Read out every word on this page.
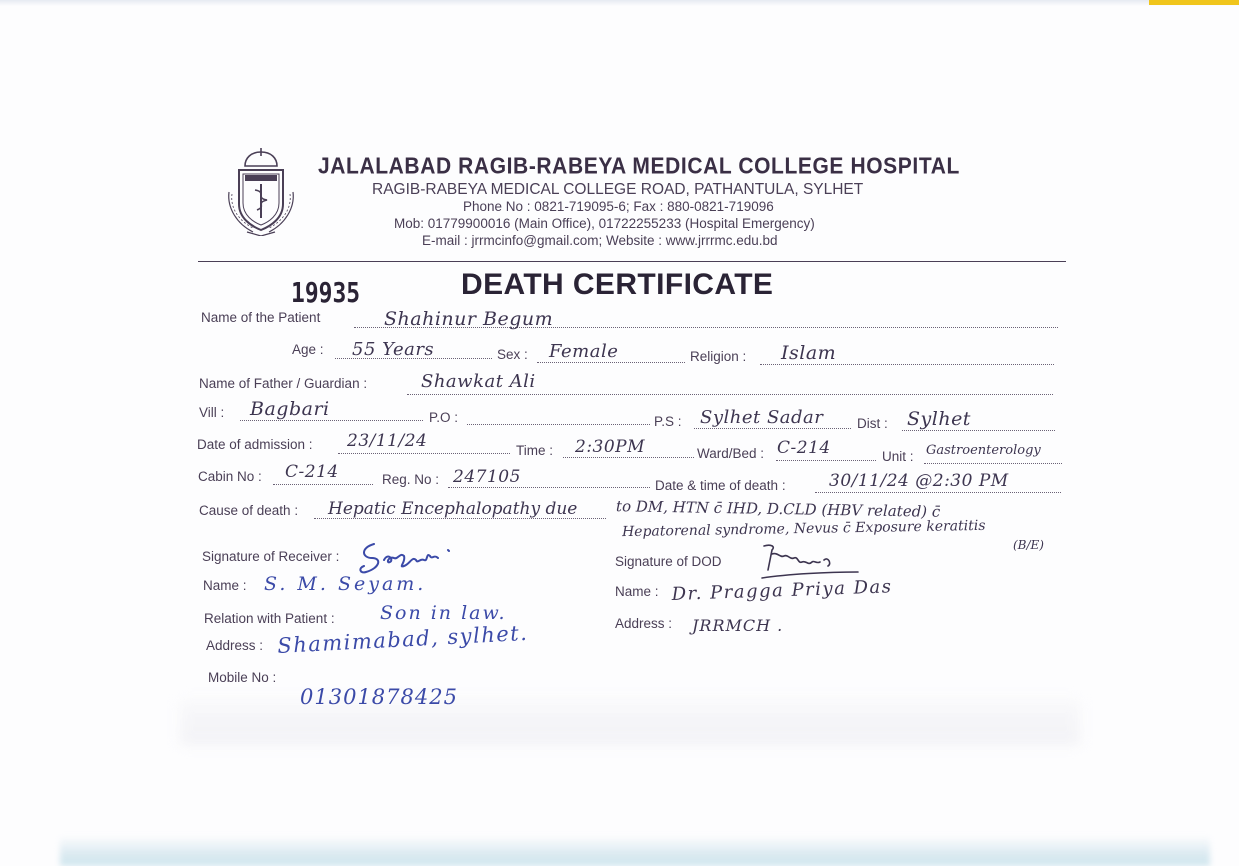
JALALABAD RAGIB-RABEYA MEDICAL COLLEGE HOSPITAL
RAGIB-RABEYA MEDICAL COLLEGE ROAD, PATHANTULA, SYLHET
Phone No : 0821-719095-6; Fax : 880-0821-719096
Mob: 01779900016 (Main Office), 01722255233 (Hospital Emergency)
E-mail : jrrmcinfo@gmail.com; Website : www.jrrrmc.edu.bd
19935	DEATH CERTIFICATE
Name of the Patient	Shahinur Begum
Age : 55 Years	Sex : Female	Religion : Islam
Name of Father / Guardian :	Shawkat Ali
Vill : Bagbari	P.O :	P.S : Sylhet Sadar Dist : Sylhet
Date of admission : 23/11/24	Time : 2:30PM	Ward/Bed : C-214	Unit : Gastroenterology
Cabin No : C-214	Reg. No : 247105	Date & time of death :	30/11/24 @2:30 PM
Cause of death : Hepatic Encephalopathy due	to DM, HTN c̄ IHD, D.CLD (HBV related) c̄
Hepatorenal syndrome, Nevus c̄ Exposure keratitis
(B/E)
Signature of Receiver :
Name : S. M. Seyam.
Relation with Patient : Son in law.
Address : Shamimabad, sylhet.
Mobile No :
01301878425
Signature of DOD
Name : Dr. Pragga Priya Das
Address : JRRMCH .
